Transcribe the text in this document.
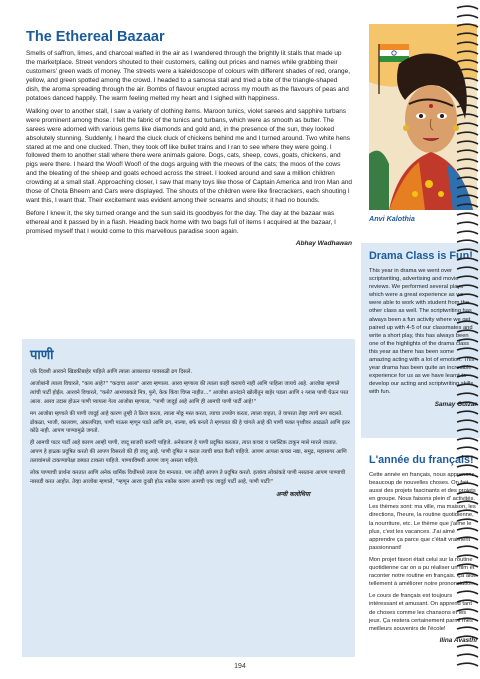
The Ethereal Bazaar

Smells of saffron, limes, and charcoal wafted in the air as I wandered through the brightly lit stalls that made up the marketplace. Street vendors shouted to their customers, calling out prices and names while grabbing their customers' green wads of money. The streets were a kaleidoscope of colours with different shades of red, orange, yellow, and green spotted among the crowd. I headed to a samosa stall and tried a bite of the triangle-shaped dish, the aroma spreading through the air. Bombs of flavour erupted across my mouth as the flavours of peas and potatoes danced happily. The warm feeling melted my heart and I sighed with happiness.

Walking over to another stall, I saw a variety of clothing items. Maroon tunics, violet sarees and sapphire turbans were prominent among those. I felt the fabric of the tunics and turbans, which were as smooth as butter. The sarees were adorned with various gems like diamonds and gold and, in the presence of the sun, they looked absolutely stunning. Suddenly, I heard the cluck cluck of chickens behind me and I turned around. Two white hens stared at me and one clucked. Then, they took off like bullet trains and I ran to see where they were going. I followed them to another stall where there were animals galore. Dogs, cats, sheep, cows, goats, chickens, and pigs were there. I heard the Woof! Woof! of the dogs arguing with the meows of the cats; the moos of the cows and the bleating of the sheep and goats echoed across the street. I looked around and saw a million children crowding at a small stall. Approaching closer, I saw that many toys like those of Captain America and Iron Man and those of Chota Bheem and Cars were displayed. The shouts of the children were like firecrackers, each shouting I want this, I want that. Their excitement was evident among their screams and shouts; it had no bounds.

Before I knew it, the sky turned orange and the sun said its goodbyes for the day. The day at the bazaar was ethereal and it passed by in a flash. Heading back home with two bags full of items I acquired at the bazaar, I promised myself that I would come to this marvellous paradise soon again.

Abhay Wadhawan
पाणी

एके दिवशी आरवने खिडकीबाहेर पाहिले आणि त्याला आकाशात पावसाळी ढग दिसले.

आजोबांनी त्याला विचारले, "काय आहे?" "कदाचा आला" आरव म्हणाला. आरव म्हणाला की त्याला काही करायचे नाही आणि पाहिला जायचे आहे. आजोबा म्हणाले त्यांची पार्टी होईल. आरवने विचारले, "कसे? आमच्याकडे मित्र, फुगे, केक किंवा चिप्स नाहीत..." आजोबा आनंदाने खोलीतून बाहेर पडला आणि २ ग्लास पाणी घेऊन परत आला. आरव उदास होऊन पाणी प्यायला गेला आजोबा म्हणाला, "पाणी जादुई आहे आणि ही आमची पाणी पार्टी आहे!"

मग आजोबा म्हणाले की पाणी जादुई आहे कारण तुम्ही ते फ्रिज करता, त्याला मोठ्ठ मस्त करता, त्याचा उपयोग करता, त्याला वाहता, ते वापरता तेव्हा त्याचे रूप बदलते. ढोकळा, भाजी, कालवण, अंकलपिज्ञा, पाणी पाऊस म्हणून पडते आणि ढग, नाल्या, बर्फ बनतो ते म्हणतात की हे चांगले आहे की पाणी फक्त पृथ्वीवर आढळते आणि इतर कोठे नाही. आपण पाण्यामुळे जगतो.

ही आमची पाटर पार्टी आहे कारण आम्ही पाणी, जादू साजरी करणी पाहिजे. अनेकजण हे पाणी प्रदूषित करतात, त्यात कचरा व प्लास्टिक टाकून मासे मारले जातात. आपण हे हाळ्क प्रदूषित करतो की आपण विसरतो की ही जादू आहे. पाणी दूषित न करता त्याची बचत कैशी पाहिजे. आपण आपला कचरा नद्या, समुद्र, महासागर आणि तलावांमध्ये टाकण्यापेक्षा डब्यात टाकला पाहिजे. पाण्याविषयी आपण जागृ असला पाहिजे.

लोक पाण्याची प्रार्थना करतात आणि अनेक धार्मिक विधींमध्ये त्याला देव मानतात. पण तरीही आपण ते प्रदूषित करतो. इतकंच लोकांकडे पाणी नसताना आपण पाण्याची नासाडी करत आहोत. तेव्हा आजोबा म्हणाले, "म्हणून आरव दुःखी होऊ नकोस कारण आमची एक जादुई पार्टी आहे, पाणी पार्टी!"

अन्वी कलोथिया
Anvi Kalothia
Drama Class is Fun!

This year in drama we went over scriptwriting, advertising and movie reviews. We performed several plays which were a great experience as we were able to work with student from the other class as well. The scriptwriting has always been a fun activity where we get paired up with 4-5 of our classmates and write a short play, this has always been one of the highlights of the drama class this year as there has been some amazing acting with a lot of emotion. This year drama has been quite an incredible experience for us as we have learnt to develop our acting and scriptwriting skills with fun.

Samay Gulzar
L'année du français!

Cette année en français, nous apprenons beaucoup de nouvelles choses. On fait aussi des projets fascinants et des projets en groupe. Nous faisons plein d' activités. Les thèmes sont: ma ville, ma maison, les directions, l'heure, la routine quotidienne, la nourriture, etc. Le thème que j'aime le plus, c'est les vacances. J'ai aimé apprendre ça parce que c'était vraiment passionnant!

Mon projet favori était celui sur la routine quotidienne car on a pu réaliser un film et raconter notre routine en français. Ça aide tellement à améliorer notre prononciation.

Le cours de français est toujours intéressant et amusant. On apprend tant de choses comme les chansons et les jeux. Ça restera certainement parmi mes meilleurs souvenirs de l'école!

Ilina Avasthi
194
